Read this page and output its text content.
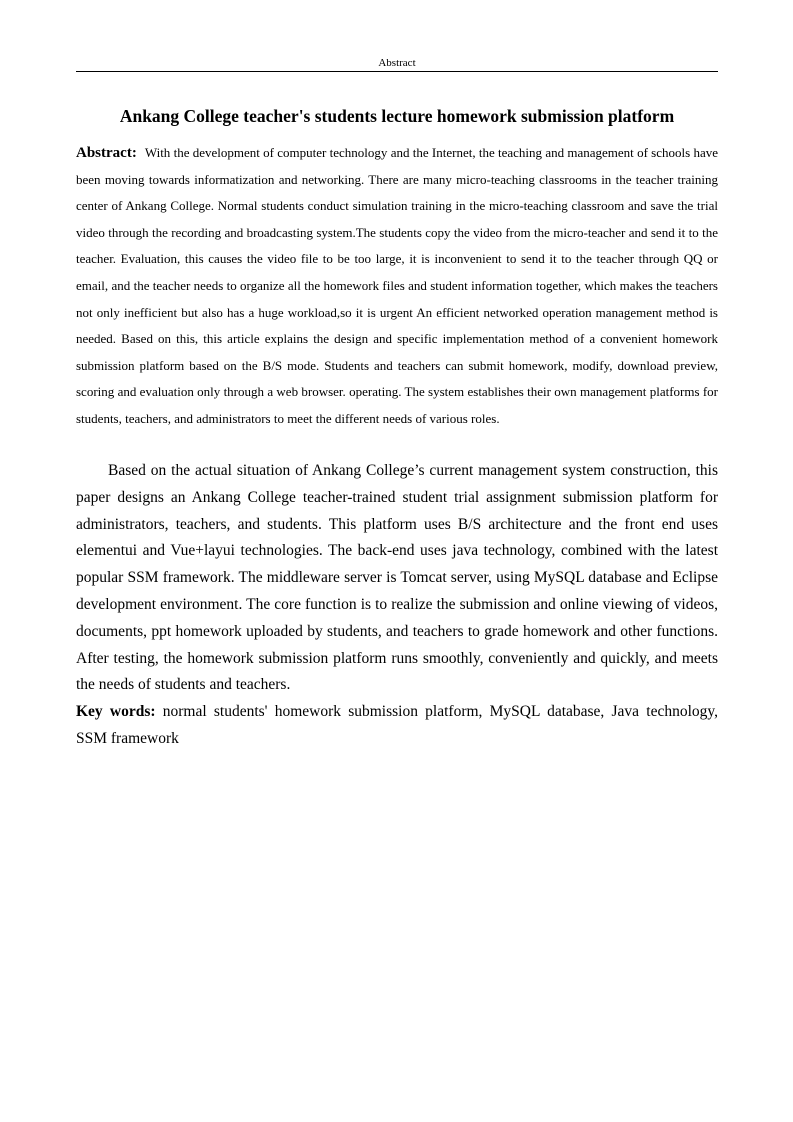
Abstract
Ankang College teacher's students lecture homework submission platform

Abstract: With the development of computer technology and the Internet, the teaching and management of schools have been moving towards informatization and networking. There are many micro-teaching classrooms in the teacher training center of Ankang College. Normal students conduct simulation training in the micro-teaching classroom and save the trial video through the recording and broadcasting system.The students copy the video from the micro-teacher and send it to the teacher. Evaluation, this causes the video file to be too large, it is inconvenient to send it to the teacher through QQ or email, and the teacher needs to organize all the homework files and student information together, which makes the teachers not only inefficient but also has a huge workload,so it is urgent An efficient networked operation management method is needed. Based on this, this article explains the design and specific implementation method of a convenient homework submission platform based on the B/S mode. Students and teachers can submit homework, modify, download preview, scoring and evaluation only through a web browser. operating. The system establishes their own management platforms for students, teachers, and administrators to meet the different needs of various roles.

Based on the actual situation of Ankang College’s current management system construction, this paper designs an Ankang College teacher-trained student trial assignment submission platform for administrators, teachers, and students. This platform uses B/S architecture and the front end uses elementui and Vue+layui technologies. The back-end uses java technology, combined with the latest popular SSM framework. The middleware server is Tomcat server, using MySQL database and Eclipse development environment. The core function is to realize the submission and online viewing of videos, documents, ppt homework uploaded by students, and teachers to grade homework and other functions. After testing, the homework submission platform runs smoothly, conveniently and quickly, and meets the needs of students and teachers.

Key words: normal students' homework submission platform, MySQL database, Java technology, SSM framework
